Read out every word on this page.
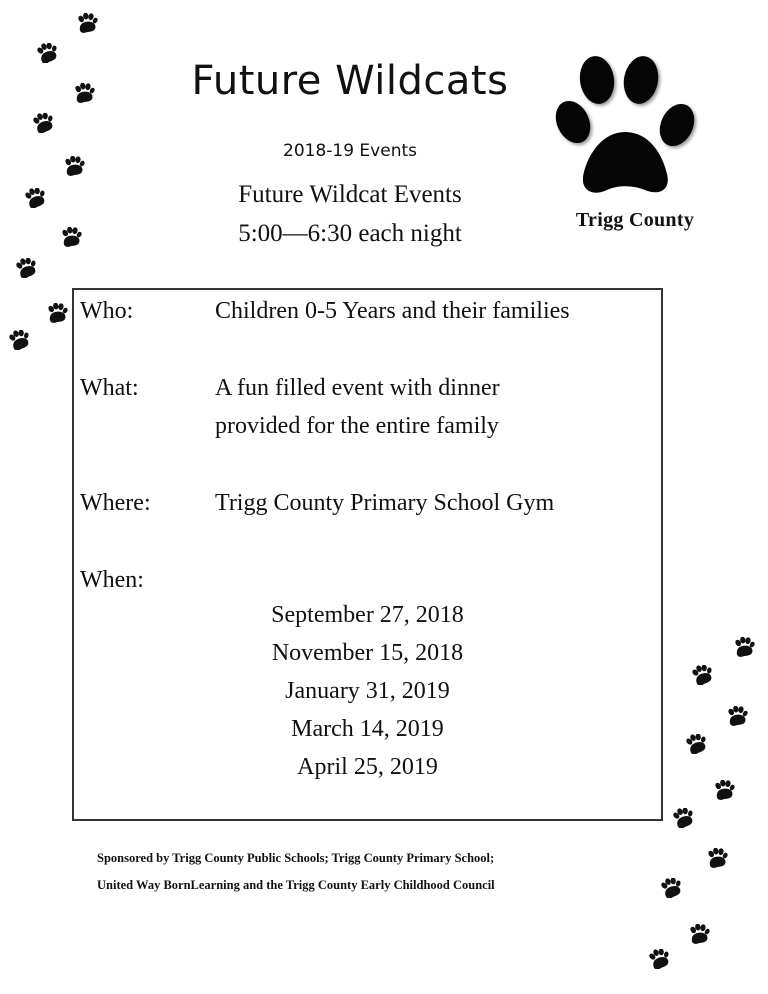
Future Wildcats
2018-19 Events
Future Wildcat Events
5:00—6:30 each night	Trigg County
Who:	Children 0-5 Years and their families
What:	A fun filled event with dinner
provided for the entire family
Where:	Trigg County Primary School Gym
When:
September 27, 2018
November 15, 2018
January 31, 2019
March 14, 2019
April 25, 2019
Sponsored by Trigg County Public Schools; Trigg County Primary School;
United Way BornLearning and the Trigg County Early Childhood Council
